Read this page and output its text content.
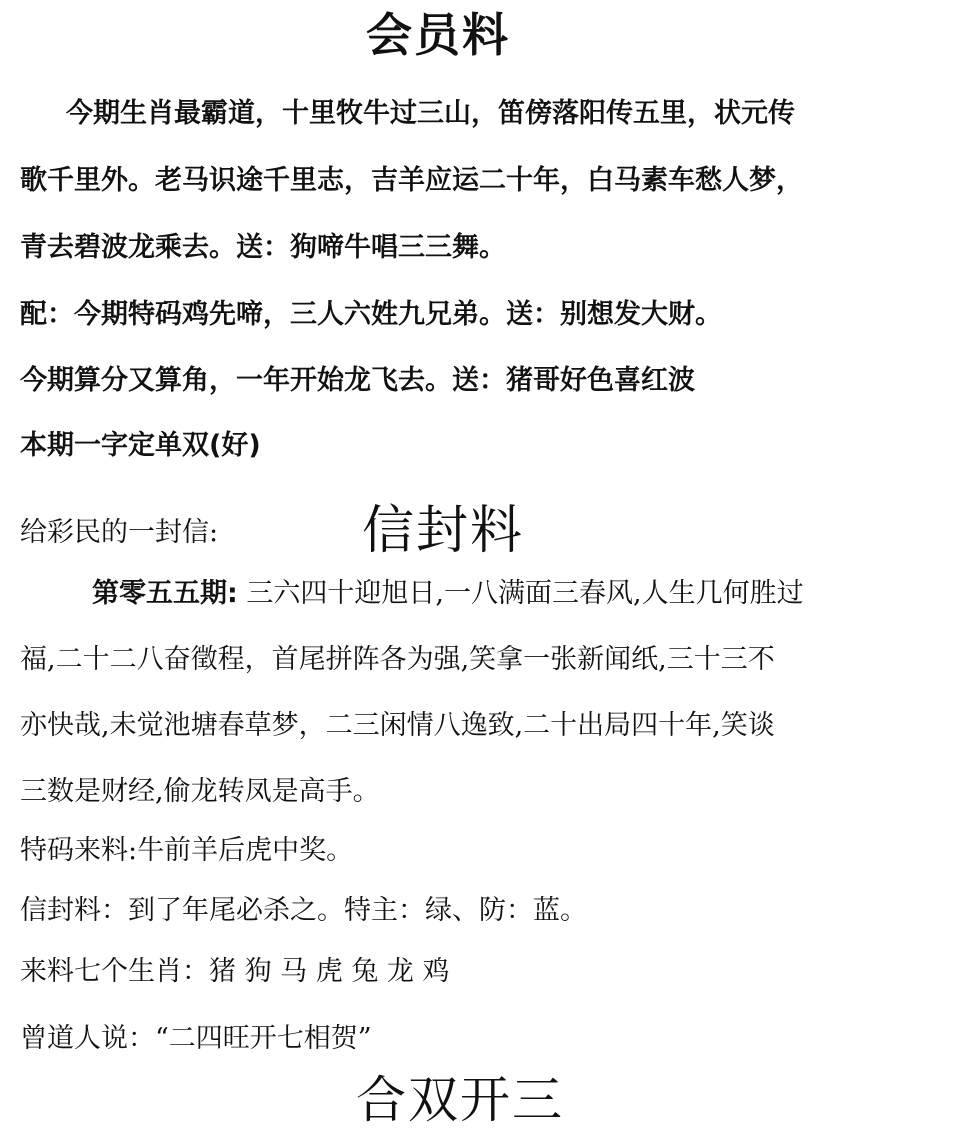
会员料
今期生肖最霸道，十里牧牛过三山，笛傍落阳传五里，状元传
歌千里外。老马识途千里志，吉羊应运二十年，白马素车愁人梦，
青去碧波龙乘去。送：狗啼牛唱三三舞。
配：今期特码鸡先啼，三人六姓九兄弟。送：别想发大财。
今期算分又算角，一年开始龙飞去。送：猪哥好色喜红波
本期一字定单双(好)
给彩民的一封信:	信封料
第零五五期: 三六四十迎旭日,一八满面三春风,人生几何胜过
福,二十二八奋徵程，首尾拼阵各为强,笑拿一张新闻纸,三十三不
亦快哉,未觉池塘春草梦，二三闲情八逸致,二十出局四十年,笑谈
三数是财经,偷龙转凤是高手。
特码来料:牛前羊后虎中奖。
信封料：到了年尾必杀之。特主：绿、防：蓝。
来料七个生肖：猪 狗 马 虎 兔 龙 鸡
曾道人说：“二四旺开七相贺”
合双开三
